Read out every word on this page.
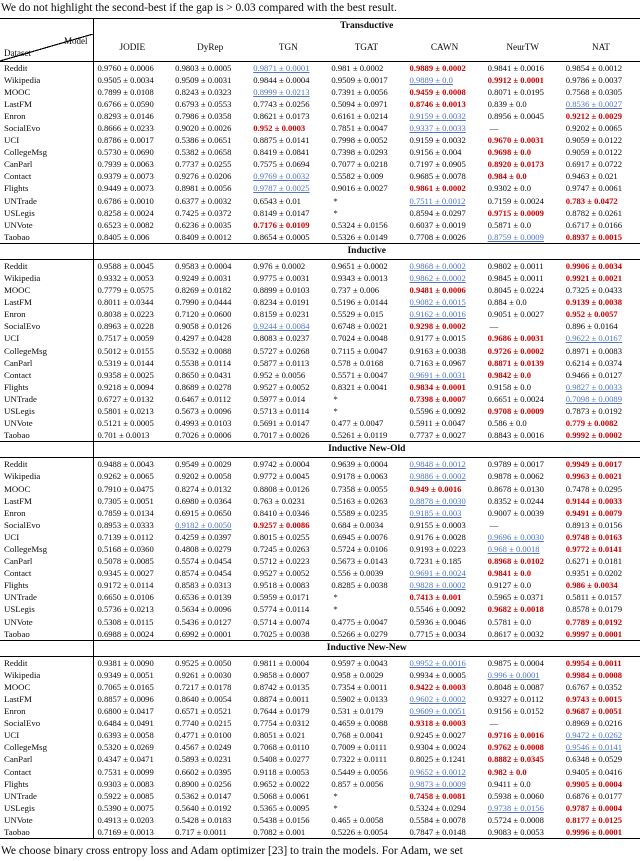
We do not highlight the second-best if the gap is > 0.03 compared with the best result.
	Transductive						

Model
Dataset	JODIE	DyRep	TGN	TGAT	CAWN	NeurTW	NAT
Reddit	0.9760 ± 0.0006	0.9803 ± 0.0005	0.9871 ± 0.0001	0.981 ± 0.0002	0.9889 ± 0.0002	0.9841 ± 0.0016	0.9854 ± 0.0012
Wikipedia	0.9505 ± 0.0034	0.9509 ± 0.0031	0.9844 ± 0.0004	0.9509 ± 0.0017	0.9889 ± 0.0	0.9912 ± 0.0001	0.9786 ± 0.0037
MOOC	0.7899 ± 0.0108	0.8243 ± 0.0323	0.8999 ± 0.0213	0.7391 ± 0.0056	0.9459 ± 0.0008	0.8071 ± 0.0195	0.7568 ± 0.0305
LastFM	0.6766 ± 0.0590	0.6793 ± 0.0553	0.7743 ± 0.0256	0.5094 ± 0.0971	0.8746 ± 0.0013	0.839 ± 0.0	0.8536 ± 0.0027
Enron	0.8293 ± 0.0146	0.7986 ± 0.0358	0.8621 ± 0.0173	0.6161 ± 0.0214	0.9159 ± 0.0032	0.8956 ± 0.0045	0.9212 ± 0.0029
SocialEvo	0.8666 ± 0.0233	0.9020 ± 0.0026	0.952 ± 0.0003	0.7851 ± 0.0047	0.9337 ± 0.0033	—	0.9202 ± 0.0065
UCI	0.8786 ± 0.0017	0.5386 ± 0.0651	0.8875 ± 0.0141	0.7998 ± 0.0052	0.9159 ± 0.0032	0.9670 ± 0.0031	0.9059 ± 0.0122
CollegeMsg	0.5730 ± 0.0690	0.5382 ± 0.0658	0.8419 ± 0.0841	0.7398 ± 0.0293	0.9156 ± 0.004	0.9698 ± 0.0	0.9059 ± 0.0122
CanParl	0.7939 ± 0.0063	0.7737 ± 0.0255	0.7575 ± 0.0694	0.7077 ± 0.0218	0.7197 ± 0.0905	0.8920 ± 0.0173	0.6917 ± 0.0722
Contact	0.9379 ± 0.0073	0.9276 ± 0.0206	0.9769 ± 0.0032	0.5582 ± 0.009	0.9685 ± 0.0078	0.984 ± 0.0	0.9463 ± 0.021
Flights	0.9449 ± 0.0073	0.8981 ± 0.0056	0.9787 ± 0.0025	0.9016 ± 0.0027	0.9861 ± 0.0002	0.9302 ± 0.0	0.9747 ± 0.0061
UNTrade	0.6786 ± 0.0010	0.6377 ± 0.0032	0.6543 ± 0.01	*	0.7511 ± 0.0012	0.7159 ± 0.0024	0.783 ± 0.0472
USLegis	0.8258 ± 0.0024	0.7425 ± 0.0372	0.8149 ± 0.0147	*	0.8594 ± 0.0297	0.9715 ± 0.0009	0.8782 ± 0.0261
UNVote	0.6523 ± 0.0082	0.6236 ± 0.0035	0.7176 ± 0.0109	0.5324 ± 0.0156	0.6037 ± 0.0019	0.5871 ± 0.0	0.6717 ± 0.0166
Taobao	0.8405 ± 0.006	0.8409 ± 0.0012	0.8654 ± 0.0005	0.5326 ± 0.0149	0.7708 ± 0.0026	0.8759 ± 0.0009	0.8937 ± 0.0015
	Inductive						
Reddit	0.9588 ± 0.0045	0.9583 ± 0.0004	0.976 ± 0.0002	0.9651 ± 0.0002	0.9868 ± 0.0002	0.9802 ± 0.0011	0.9906 ± 0.0034
Wikipedia	0.9332 ± 0.0053	0.9249 ± 0.0031	0.9775 ± 0.0031	0.9343 ± 0.0013	0.9862 ± 0.0002	0.9845 ± 0.0011	0.9921 ± 0.0021
MOOC	0.7779 ± 0.0575	0.8269 ± 0.0182	0.8899 ± 0.0103	0.737 ± 0.006	0.9481 ± 0.0006	0.8045 ± 0.0224	0.7325 ± 0.0433
LastFM	0.8011 ± 0.0344	0.7990 ± 0.0444	0.8234 ± 0.0191	0.5196 ± 0.0144	0.9082 ± 0.0015	0.884 ± 0.0	0.9139 ± 0.0038
Enron	0.8038 ± 0.0223	0.7120 ± 0.0600	0.8159 ± 0.0231	0.5529 ± 0.015	0.9162 ± 0.0016	0.9051 ± 0.0027	0.952 ± 0.0057
SocialEvo	0.8963 ± 0.0228	0.9058 ± 0.0126	0.9244 ± 0.0084	0.6748 ± 0.0021	0.9298 ± 0.0002	—	0.896 ± 0.0164
UCI	0.7517 ± 0.0059	0.4297 ± 0.0428	0.8083 ± 0.0237	0.7024 ± 0.0048	0.9177 ± 0.0015	0.9686 ± 0.0031	0.9622 ± 0.0167
CollegeMsg	0.5012 ± 0.0155	0.5532 ± 0.0088	0.5727 ± 0.0268	0.7115 ± 0.0047	0.9163 ± 0.0038	0.9726 ± 0.0002	0.8971 ± 0.0083
CanParl	0.5319 ± 0.0144	0.5538 ± 0.0114	0.5877 ± 0.0113	0.578 ± 0.0168	0.7163 ± 0.0967	0.8871 ± 0.0139	0.6214 ± 0.0374
Contact	0.9358 ± 0.0025	0.8650 ± 0.0431	0.952 ± 0.0056	0.5571 ± 0.0047	0.9691 ± 0.0031	0.9842 ± 0.0	0.9466 ± 0.0127
Flights	0.9218 ± 0.0094	0.8689 ± 0.0278	0.9527 ± 0.0052	0.8321 ± 0.0041	0.9834 ± 0.0001	0.9158 ± 0.0	0.9827 ± 0.0033
UNTrade	0.6727 ± 0.0132	0.6467 ± 0.0112	0.5977 ± 0.014	*	0.7398 ± 0.0007	0.6651 ± 0.0024	0.7098 ± 0.0089
USLegis	0.5801 ± 0.0213	0.5673 ± 0.0096	0.5713 ± 0.0114	*	0.5596 ± 0.0092	0.9708 ± 0.0009	0.7873 ± 0.0192
UNVote	0.5121 ± 0.0005	0.4993 ± 0.0103	0.5691 ± 0.0147	0.477 ± 0.0047	0.5911 ± 0.0047	0.586 ± 0.0	0.779 ± 0.0082
Taobao	0.701 ± 0.0013	0.7026 ± 0.0006	0.7017 ± 0.0026	0.5261 ± 0.0119	0.7737 ± 0.0027	0.8843 ± 0.0016	0.9992 ± 0.0002
	Inductive New-Old						
Reddit	0.9488 ± 0.0043	0.9549 ± 0.0029	0.9742 ± 0.0004	0.9639 ± 0.0004	0.9848 ± 0.0012	0.9789 ± 0.0017	0.9949 ± 0.0017
Wikipedia	0.9262 ± 0.0065	0.9202 ± 0.0058	0.9772 ± 0.0045	0.9178 ± 0.0063	0.9886 ± 0.0002	0.9878 ± 0.0062	0.9963 ± 0.0021
MOOC	0.7910 ± 0.0475	0.8274 ± 0.0132	0.8808 ± 0.0126	0.7358 ± 0.0055	0.949 ± 0.0016	0.8678 ± 0.0130	0.7478 ± 0.0295
LastFM	0.7305 ± 0.0051	0.6980 ± 0.0364	0.763 ± 0.0231	0.5163 ± 0.0263	0.8878 ± 0.0030	0.8352 ± 0.0244	0.9144 ± 0.0033
Enron	0.7859 ± 0.0134	0.6915 ± 0.0650	0.8410 ± 0.0346	0.5589 ± 0.0235	0.9185 ± 0.003	0.9007 ± 0.0039	0.9491 ± 0.0079
SocialEvo	0.8953 ± 0.0333	0.9182 ± 0.0050	0.9257 ± 0.0086	0.684 ± 0.0034	0.9155 ± 0.0003	—	0.8913 ± 0.0156
UCI	0.7139 ± 0.0112	0.4259 ± 0.0397	0.8015 ± 0.0255	0.6945 ± 0.0076	0.9176 ± 0.0028	0.9696 ± 0.0030	0.9748 ± 0.0163
CollegeMsg	0.5168 ± 0.0360	0.4808 ± 0.0279	0.7245 ± 0.0263	0.5724 ± 0.0106	0.9193 ± 0.0223	0.968 ± 0.0018	0.9772 ± 0.0141
CanParl	0.5078 ± 0.0085	0.5574 ± 0.0454	0.5712 ± 0.0223	0.5673 ± 0.0143	0.7231 ± 0.185	0.8968 ± 0.0102	0.6271 ± 0.0181
Contact	0.9345 ± 0.0027	0.8574 ± 0.0454	0.9527 ± 0.0052	0.556 ± 0.0039	0.9691 ± 0.0024	0.9841 ± 0.0	0.9351 ± 0.0202
Flights	0.9172 ± 0.0114	0.8583 ± 0.0313	0.9518 ± 0.0083	0.8285 ± 0.0038	0.9828 ± 0.0002	0.9127 ± 0.0	0.986 ± 0.0034
UNTrade	0.6650 ± 0.0106	0.6536 ± 0.0139	0.5959 ± 0.0171	*	0.7413 ± 0.001	0.5965 ± 0.0371	0.5811 ± 0.0157
USLegis	0.5736 ± 0.0213	0.5634 ± 0.0096	0.5774 ± 0.0114	*	0.5546 ± 0.0092	0.9682 ± 0.0018	0.8578 ± 0.0179
UNVote	0.5308 ± 0.0115	0.5436 ± 0.0127	0.5714 ± 0.0074	0.4775 ± 0.0047	0.5936 ± 0.0046	0.5781 ± 0.0	0.7789 ± 0.0192
Taobao	0.6988 ± 0.0024	0.6992 ± 0.0001	0.7025 ± 0.0038	0.5266 ± 0.0279	0.7715 ± 0.0034	0.8617 ± 0.0032	0.9997 ± 0.0001
	Inductive New-New						
Reddit	0.9381 ± 0.0090	0.9525 ± 0.0050	0.9811 ± 0.0004	0.9597 ± 0.0043	0.9952 ± 0.0016	0.9875 ± 0.0004	0.9954 ± 0.0011
Wikipedia	0.9349 ± 0.0051	0.9261 ± 0.0030	0.9858 ± 0.0007	0.958 ± 0.0029	0.9934 ± 0.0005	0.996 ± 0.0001	0.9984 ± 0.0008
MOOC	0.7065 ± 0.0165	0.7217 ± 0.0178	0.8742 ± 0.0135	0.7354 ± 0.0011	0.9422 ± 0.0003	0.8048 ± 0.0087	0.6767 ± 0.0352
LastFM	0.8857 ± 0.0096	0.8640 ± 0.0054	0.8874 ± 0.0011	0.5902 ± 0.0133	0.9602 ± 0.0002	0.9327 ± 0.0112	0.9743 ± 0.0015
Enron	0.6800 ± 0.0417	0.6571 ± 0.0521	0.7644 ± 0.0179	0.531 ± 0.0179	0.9609 ± 0.0051	0.9156 ± 0.0152	0.9687 ± 0.0051
SocialEvo	0.6484 ± 0.0491	0.7740 ± 0.0215	0.7754 ± 0.0312	0.4659 ± 0.0088	0.9318 ± 0.0003	—	0.8969 ± 0.0216
UCI	0.6393 ± 0.0058	0.4771 ± 0.0100	0.8051 ± 0.021	0.768 ± 0.0041	0.9245 ± 0.0027	0.9716 ± 0.0016	0.9472 ± 0.0262
CollegeMsg	0.5320 ± 0.0269	0.4567 ± 0.0249	0.7068 ± 0.0110	0.7009 ± 0.0111	0.9304 ± 0.0024	0.9762 ± 0.0008	0.9546 ± 0.0141
CanParl	0.4347 ± 0.0471	0.5893 ± 0.0231	0.5408 ± 0.0277	0.7322 ± 0.0111	0.8025 ± 0.1241	0.8882 ± 0.0345	0.6348 ± 0.0529
Contact	0.7531 ± 0.0099	0.6602 ± 0.0395	0.9118 ± 0.0053	0.5449 ± 0.0056	0.9652 ± 0.0012	0.982 ± 0.0	0.9405 ± 0.0416
Flights	0.9303 ± 0.0083	0.8900 ± 0.0256	0.9652 ± 0.0022	0.857 ± 0.0056	0.9873 ± 0.0009	0.9411 ± 0.0	0.9905 ± 0.0004
UNTrade	0.5922 ± 0.0085	0.5362 ± 0.0147	0.5068 ± 0.0061	*	0.7458 ± 0.0081	0.5938 ± 0.0060	0.6876 ± 0.0177
USLegis	0.5390 ± 0.0075	0.5640 ± 0.0192	0.5365 ± 0.0095	*	0.5324 ± 0.0294	0.9738 ± 0.0156	0.9787 ± 0.0004
UNVote	0.4913 ± 0.0203	0.5428 ± 0.0183	0.5438 ± 0.0156	0.465 ± 0.0058	0.5584 ± 0.0078	0.5724 ± 0.0008	0.8177 ± 0.0125
Taobao	0.7169 ± 0.0013	0.717 ± 0.0011	0.7082 ± 0.001	0.5226 ± 0.0054	0.7847 ± 0.0148	0.9083 ± 0.0053	0.9996 ± 0.0001
We choose binary cross entropy loss and Adam optimizer [23] to train the models. For Adam, we set
